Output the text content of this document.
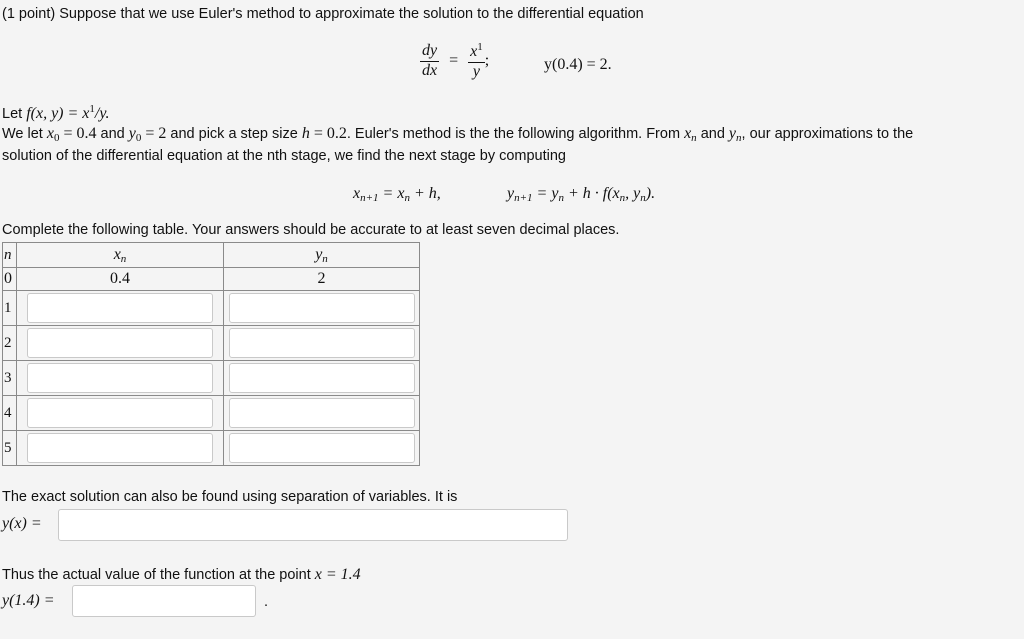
(1 point) Suppose that we use Euler's method to approximate the solution to the differential equation
$\frac{dy}{dx} = \frac{x^1}{y}$ ;	y(0.4) = 2.
Let f(x, $y) = x^1/y$.
We let $x_0 = 0.4$ and $y_0 = 2$ and pick a step size h = 0.2. Euler's method is the the following algorithm. From $x_n$ and $y_n$, our approximations to the
solution of the differential equation at the nth stage, we find the next stage by computing
$x_{n+1} = x_n + h$,	$y_{n+1} = y_n + h \cdot f(x_n$, $y_n$).
Complete the following table. Your answers should be accurate to at least seven decimal places.
n	$x_n$	$y_n$
0	0.4	2
1	

2	

3	

4	

5	

The exact solution can also be found using separation of variables. It is
y(x) =
Thus the actual value of the function at the point x = 1.4
y(1.4) =	.
